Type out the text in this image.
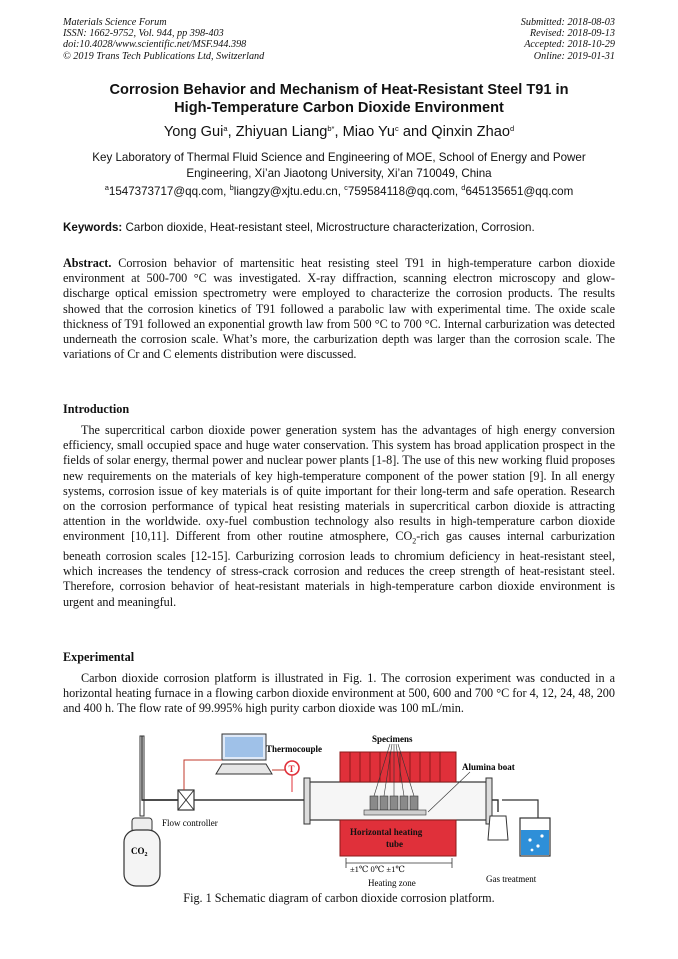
Materials Science Forum
ISSN: 1662-9752, Vol. 944, pp 398-403
doi:10.4028/www.scientific.net/MSF.944.398
© 2019 Trans Tech Publications Ltd, Switzerland
Submitted: 2018-08-03
Revised: 2018-09-13
Accepted: 2018-10-29
Online: 2019-01-31
Corrosion Behavior and Mechanism of Heat-Resistant Steel T91 in
High-Temperature Carbon Dioxide Environment
Yong Gui$^a$, Zhiyuan Liang$^{b*}$, Miao Yu$^c$ and Qinxin Zhao$^d$
Key Laboratory of Thermal Fluid Science and Engineering of MOE, School of Energy and Power
Engineering, Xi’an Jiaotong University, Xi’an 710049, China
$^a$1547373717@qq.com, $^b$liangzy@xjtu.edu.cn, $^c$759584118@qq.com, $^d$645135651@qq.com
Keywords: Carbon dioxide, Heat-resistant steel, Microstructure characterization, Corrosion.
Abstract. Corrosion behavior of martensitic heat resisting steel T91 in high-temperature carbon dioxide environment at 500-700 °C was investigated. X-ray diffraction, scanning electron microscopy and glow-discharge optical emission spectrometry were employed to characterize the corrosion products. The results showed that the corrosion kinetics of T91 followed a parabolic law with experimental time. The oxide scale thickness of T91 followed an exponential growth law from 500 °C to 700 °C. Internal carburization was detected underneath the corrosion scale. What’s more, the carburization depth was larger than the corrosion scale. The variations of Cr and C elements distribution were discussed.
Introduction
The supercritical carbon dioxide power generation system has the advantages of high energy conversion efficiency, small occupied space and huge water conservation. This system has broad application prospect in the fields of solar energy, thermal power and nuclear power plants [1-8]. The use of this new working fluid proposes new requirements on the materials of key high-temperature component of the power station [9]. In all energy systems, corrosion issue of key materials is of quite important for their long-term and safe operation. Research on the corrosion performance of typical heat resisting materials in supercritical carbon dioxide is attracting attention in the worldwide. oxy-fuel combustion technology also results in high-temperature carbon dioxide environment [10,11]. Different from other routine atmosphere, $CO_2$-rich gas causes internal carburization beneath corrosion scales [12-15]. Carburizing corrosion leads to chromium deficiency in heat-resistant steel, which increases the tendency of stress-crack corrosion and reduces the creep strength of heat-resistant steel. Therefore, corrosion behavior of heat-resistant materials in high-temperature carbon dioxide environment is urgent and meaningful.
Experimental
Carbon dioxide corrosion platform is illustrated in Fig. 1. The corrosion experiment was conducted in a horizontal heating furnace in a flowing carbon dioxide environment at 500, 600 and 700 °C for 4, 12, 24, 48, 200 and 400 h. The flow rate of 99.995% high purity carbon dioxide was 100 mL/min.
$CO_2$
Flow controller
Thermocouple
T
Horizontal heating
tube
Specimens
Alumina boat
±1℃ 0℃ ±1℃
Heating zone	Gas treatment
Fig. 1 Schematic diagram of carbon dioxide corrosion platform.
